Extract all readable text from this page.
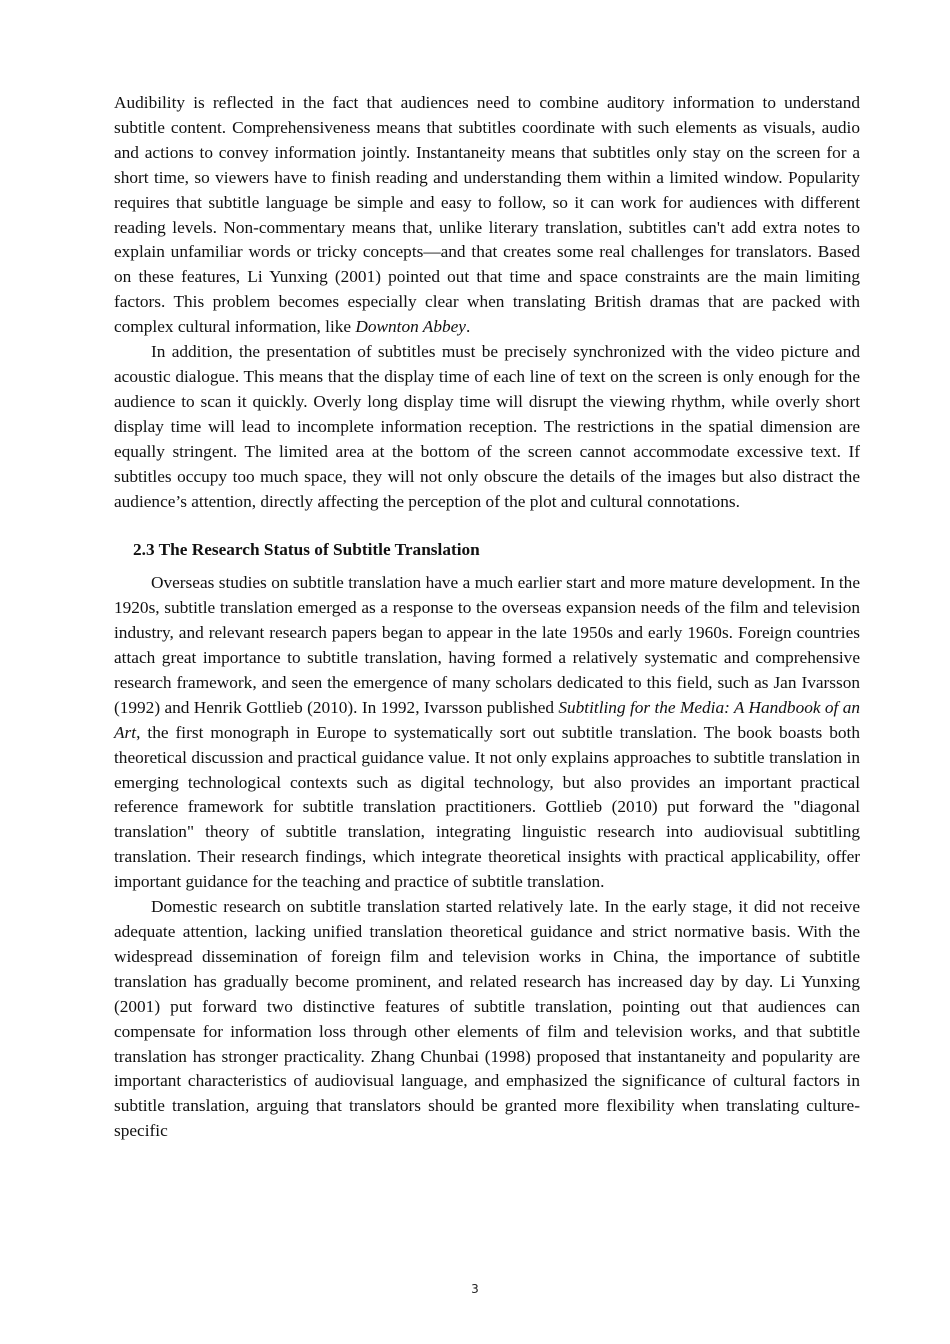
Audibility is reflected in the fact that audiences need to combine auditory information to understand subtitle content. Comprehensiveness means that subtitles coordinate with such elements as visuals, audio and actions to convey information jointly. Instantaneity means that subtitles only stay on the screen for a short time, so viewers have to finish reading and understanding them within a limited window. Popularity requires that subtitle language be simple and easy to follow, so it can work for audiences with different reading levels. Non-commentary means that, unlike literary translation, subtitles can't add extra notes to explain unfamiliar words or tricky concepts—and that creates some real challenges for translators. Based on these features, Li Yunxing (2001) pointed out that time and space constraints are the main limiting factors. This problem becomes especially clear when translating British dramas that are packed with complex cultural information, like Downton Abbey.

In addition, the presentation of subtitles must be precisely synchronized with the video picture and acoustic dialogue. This means that the display time of each line of text on the screen is only enough for the audience to scan it quickly. Overly long display time will disrupt the viewing rhythm, while overly short display time will lead to incomplete information reception. The restrictions in the spatial dimension are equally stringent. The limited area at the bottom of the screen cannot accommodate excessive text. If subtitles occupy too much space, they will not only obscure the details of the images but also distract the audience’s attention, directly affecting the perception of the plot and cultural connotations.

2.3 The Research Status of Subtitle Translation

Overseas studies on subtitle translation have a much earlier start and more mature development. In the 1920s, subtitle translation emerged as a response to the overseas expansion needs of the film and television industry, and relevant research papers began to appear in the late 1950s and early 1960s. Foreign countries attach great importance to subtitle translation, having formed a relatively systematic and comprehensive research framework, and seen the emergence of many scholars dedicated to this field, such as Jan Ivarsson (1992) and Henrik Gottlieb (2010). In 1992, Ivarsson published Subtitling for the Media: A Handbook of an Art, the first monograph in Europe to systematically sort out subtitle translation. The book boasts both theoretical discussion and practical guidance value. It not only explains approaches to subtitle translation in emerging technological contexts such as digital technology, but also provides an important practical reference framework for subtitle translation practitioners. Gottlieb (2010) put forward the "diagonal translation" theory of subtitle translation, integrating linguistic research into audiovisual subtitling translation. Their research findings, which integrate theoretical insights with practical applicability, offer important guidance for the teaching and practice of subtitle translation.

Domestic research on subtitle translation started relatively late. In the early stage, it did not receive adequate attention, lacking unified translation theoretical guidance and strict normative basis. With the widespread dissemination of foreign film and television works in China, the importance of subtitle translation has gradually become prominent, and related research has increased day by day. Li Yunxing (2001) put forward two distinctive features of subtitle translation, pointing out that audiences can compensate for information loss through other elements of film and television works, and that subtitle translation has stronger practicality. Zhang Chunbai (1998) proposed that instantaneity and popularity are important characteristics of audiovisual language, and emphasized the significance of cultural factors in subtitle translation, arguing that translators should be granted more flexibility when translating culture-specific

3
